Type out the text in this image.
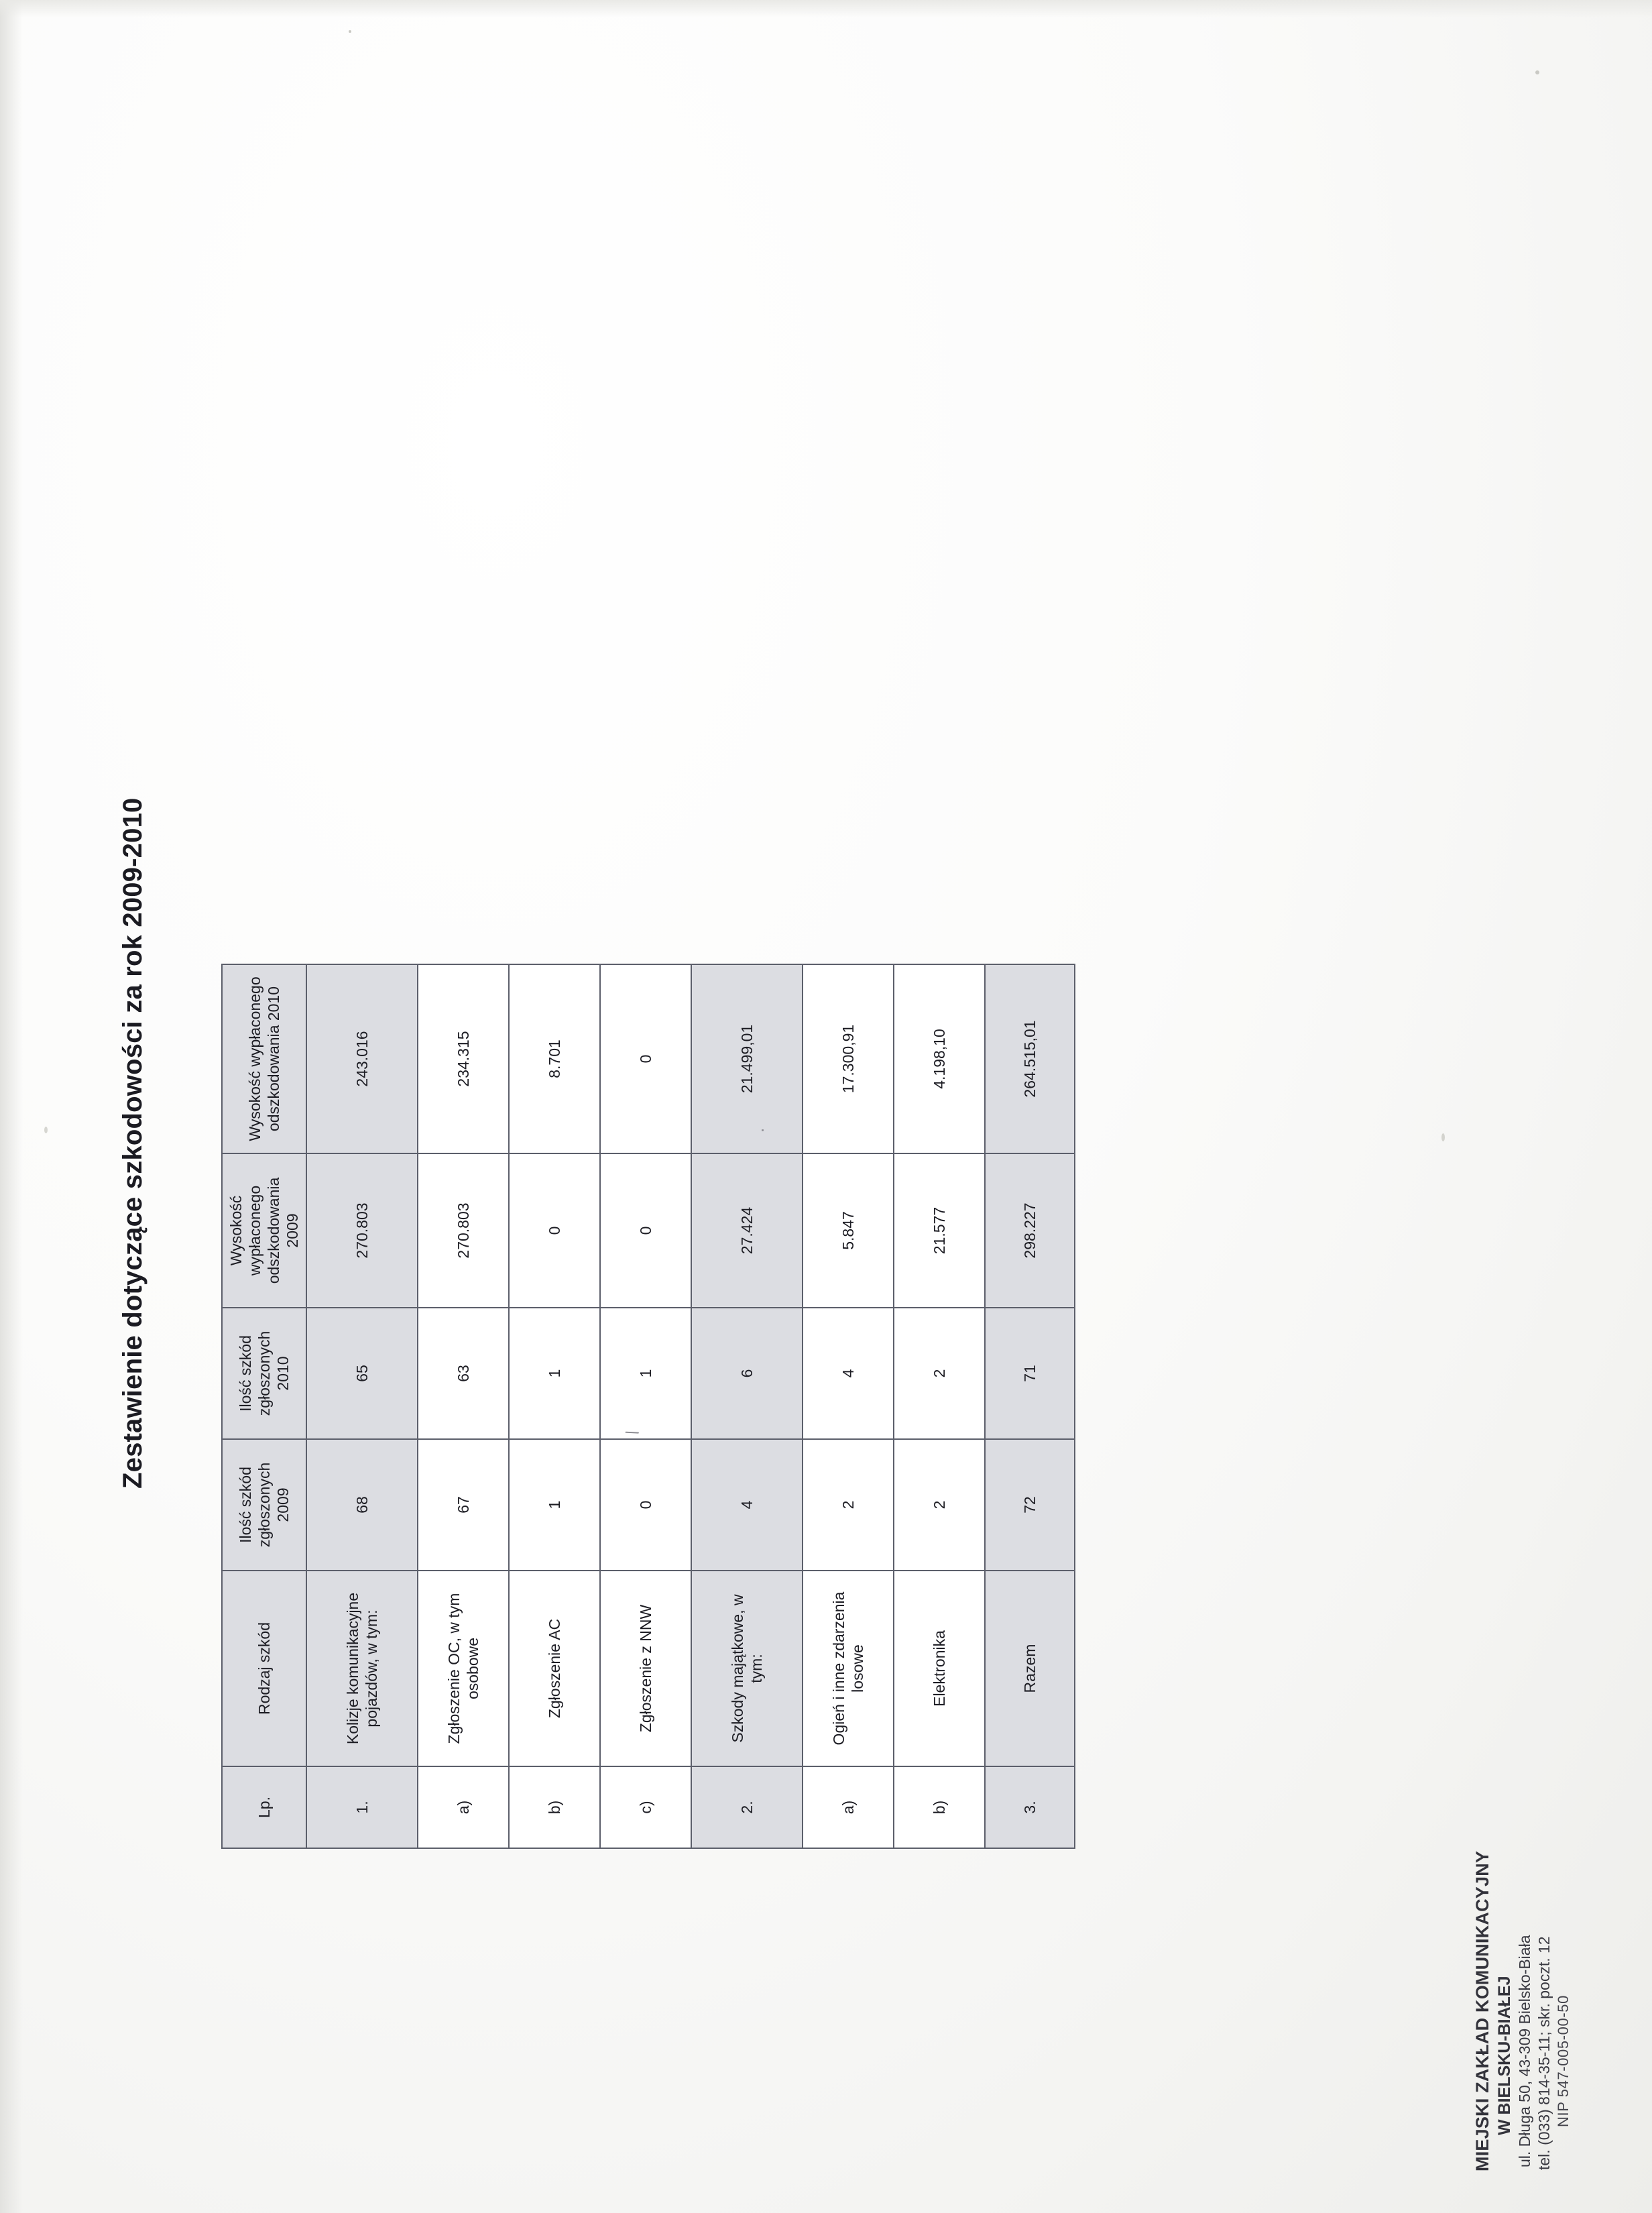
MIEJSKI ZAKŁAD KOMUNIKACYJNY W BIELSKU-BIAŁEJ ul. Długa 50, 43-309 Bielsko-Biała tel. (033) 814-35-11; skr. poczt. 12 NIP 547-005-00-50
Zestawienie dotyczące szkodowości za rok 2009-2010
Lp.	Rodzaj szkód	Ilość szkód zgłoszonych 2009	Ilość szkód zgłoszonych 2010	Wysokość wypłaconego odszkodowania 2009	Wysokość wypłaconego odszkodowania 2010
1.	Kolizje komunikacyjne pojazdów, w tym:	68	65	270.803	243.016
a)	Zgłoszenie OC, w tym osobowe	67	63	270.803	234.315
b)	Zgłoszenie AC	1	1	0	8.701
c)	Zgłoszenie z NNW	0	1	0	0
2.	Szkody majątkowe, w tym:	4	6	27.424	21.499,01
a)	Ogień i inne zdarzenia losowe	2	4	5.847	17.300,91
b)	Elektronika	2	2	21.577	4.198,10
3.	Razem	72	71	298.227	264.515,01
\
.
